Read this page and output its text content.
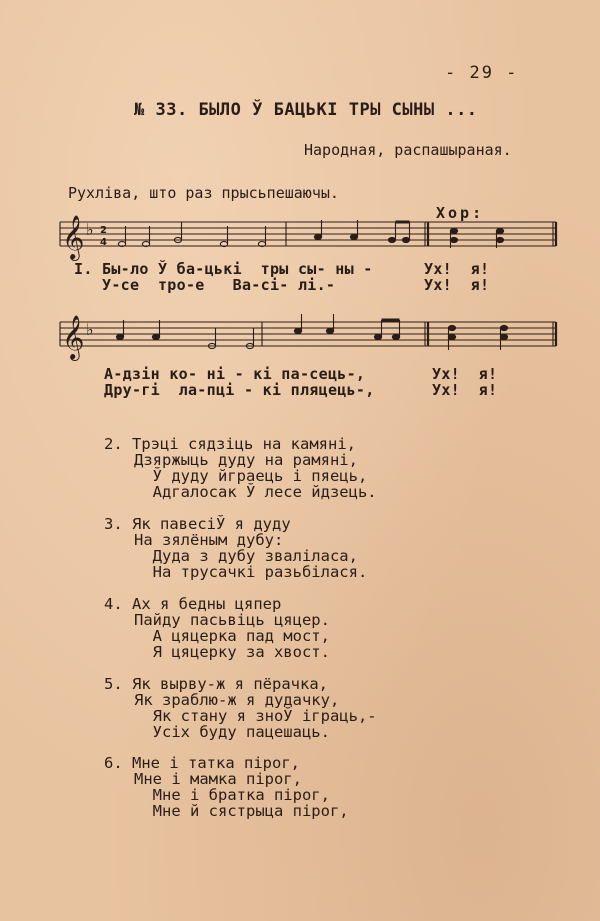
- 29 -
№ 33. БЫЛО Ў БАЦЬКІ ТРЫ СЫНЫ ...
Народная, распашыраная.
Рухліва, што раз прысьпешаючы.
Хор:
𝄞
𝄞
♭
♭
2
4
I. Бы-ло Ў ба-цькі  тры сы- ны -	Ух!  я!
У-се  тро-е   Ва-сі- лі.-	Ух!  я!
А-дзін ко- ні - кі па-сець-,	Ух!  я!
Дру-гі  ла-пці - кі пляцець-,	Ух!  я!
2. Трэці сядзіць на камяні,
Дзяржыць дуду на рамяні,
Ў дуду йграець і пяець,
Адгалосак Ў лесе йдзець.
3. Як павесіЎ я дуду
На зялёным дубу:
Дуда з дубу зваліласа,
На трусачкі разьбілася.
4. Ах я бедны цяпер
Пайду пасьвіць цяцер.
А цяцерка пад мост,
Я цяцерку за хвост.
5. Як вырву-ж я пёрачка,
Як зраблю-ж я дудачку,
Як стану я зноЎ іграць,-
Усіх буду пацешаць.
6. Мне і татка пірог,
Мне і мамка пірог,
Мне і братка пірог,
Мне й сястрыца пірог,
